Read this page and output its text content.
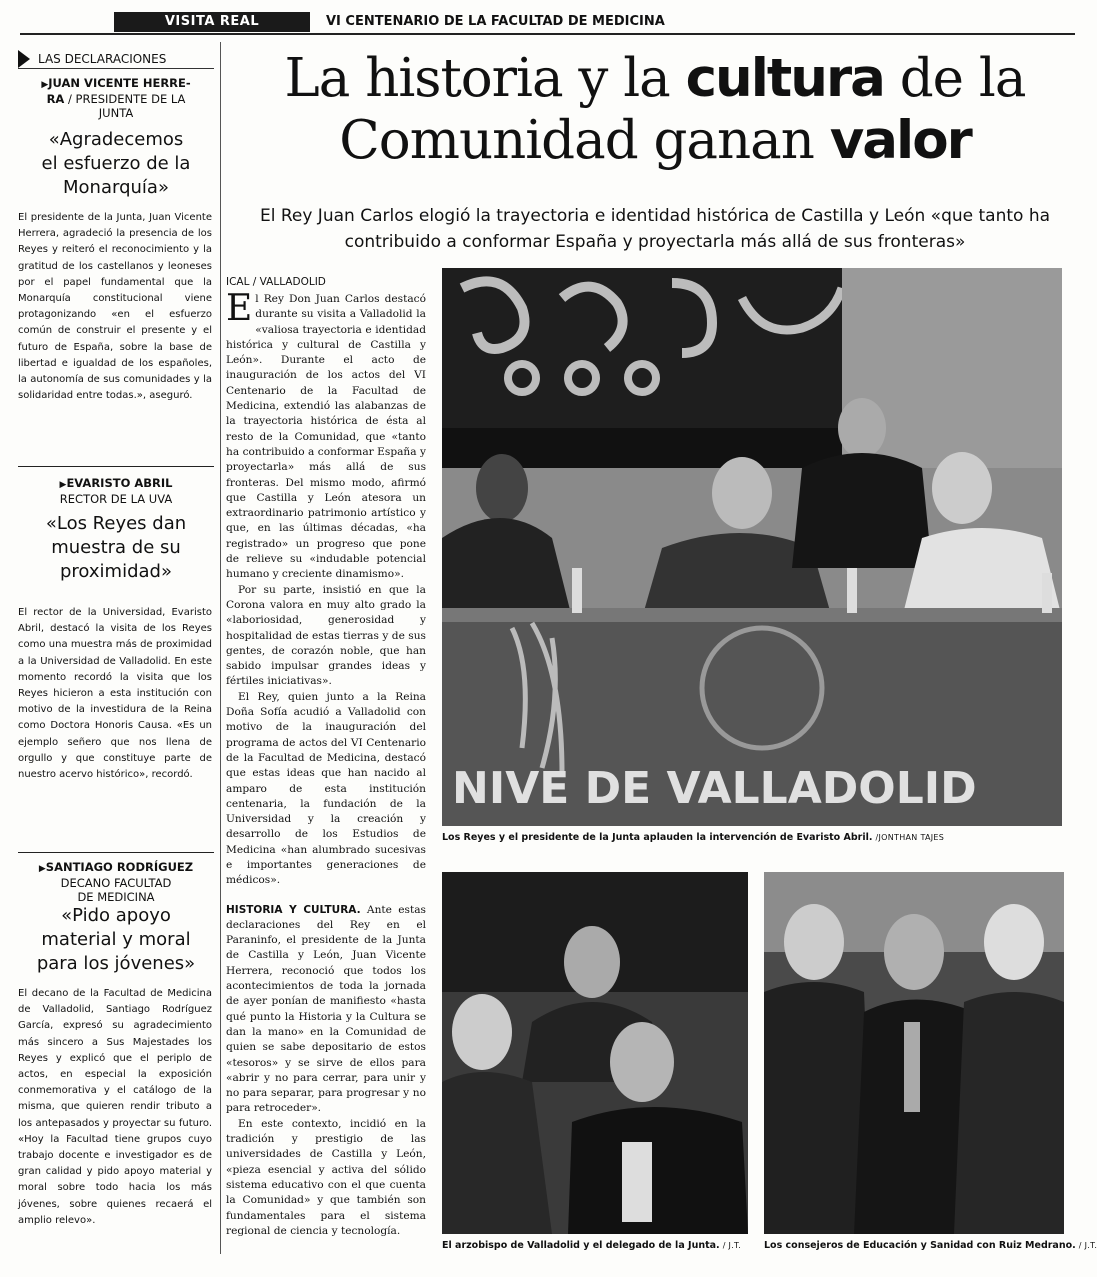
VISITA REAL	VI CENTENARIO DE LA FACULTAD DE MEDICINA
LAS DECLARACIONES
▶JUAN VICENTE HERRE-
RA / PRESIDENTE DE LA
JUNTA
«Agradecemos
el esfuerzo de la
Monarquía»
El presidente de la Junta, Juan Vicente Herrera, agradeció la presencia de los Reyes y reiteró el reconocimiento y la gratitud de los castellanos y leoneses por el papel fundamental que la Monarquía constitucional viene protagonizando «en el esfuerzo común de construir el presente y el futuro de España, sobre la base de libertad e igualdad de los españoles, la autonomía de sus comunidades y la solidaridad entre todas.», aseguró.
▶EVARISTO ABRIL
RECTOR DE LA UVA
«Los Reyes dan
muestra de su
proximidad»
El rector de la Universidad, Evaristo Abril, destacó la visita de los Reyes como una muestra más de proximidad a la Universidad de Valladolid. En este momento recordó la visita que los Reyes hicieron a esta institución con motivo de la investidura de la Reina como Doctora Honoris Causa. «Es un ejemplo señero que nos llena de orgullo y que constituye parte de nuestro acervo histórico», recordó.
▶SANTIAGO RODRÍGUEZ
DECANO FACULTAD
DE MEDICINA
«Pido apoyo
material y moral
para los jóvenes»
El decano de la Facultad de Medicina de Valladolid, Santiago Rodríguez García, expresó su agradecimiento más sincero a Sus Majestades los Reyes y explicó que el periplo de actos, en especial la exposición conmemorativa y el catálogo de la misma, que quieren rendir tributo a los antepasados y proyectar su futuro. «Hoy la Facultad tiene grupos cuyo trabajo docente e investigador es de gran calidad y pido apoyo material y moral sobre todo hacia los más jóvenes, sobre quienes recaerá el amplio relevo».
La historia y la cultura de la
Comunidad ganan valor
El Rey Juan Carlos elogió la trayectoria e identidad histórica de Castilla y León «que tanto ha contribuido a conformar España y proyectarla más allá de sus fronteras»
ICAL / VALLADOLID

El Rey Don Juan Carlos destacó durante su visita a Valladolid la «valiosa trayectoria e identidad histórica y cultural de Castilla y León». Durante el acto de inauguración de los actos del VI Centenario de la Facultad de Medicina, extendió las alabanzas de la trayectoria histórica de ésta al resto de la Comunidad, que «tanto ha contribuido a conformar España y proyectarla» más allá de sus fronteras. Del mismo modo, afirmó que Castilla y León atesora un extraordinario patrimonio artístico y que, en las últimas décadas, «ha registrado» un progreso que pone de relieve su «indudable potencial humano y creciente dinamismo».

Por su parte, insistió en que la Corona valora en muy alto grado la «laboriosidad, generosidad y hospitalidad de estas tierras y de sus gentes, de corazón noble, que han sabido impulsar grandes ideas y fértiles iniciativas».

El Rey, quien junto a la Reina Doña Sofía acudió a Valladolid con motivo de la inauguración del programa de actos del VI Centenario de la Facultad de Medicina, destacó que estas ideas que han nacido al amparo de esta institución centenaria, la fundación de la Universidad y la creación y desarrollo de los Estudios de Medicina «han alumbrado sucesivas e importantes generaciones de médicos».

HISTORIA Y CULTURA. Ante estas declaraciones del Rey en el Paraninfo, el presidente de la Junta de Castilla y León, Juan Vicente Herrera, reconoció que todos los acontecimientos de toda la jornada de ayer ponían de manifiesto «hasta qué punto la Historia y la Cultura se dan la mano» en la Comunidad de quien se sabe depositario de estos «tesoros» y se sirve de ellos para «abrir y no para cerrar, para unir y no para separar, para progresar y no para retroceder».

En este contexto, incidió en la tradición y prestigio de las universidades de Castilla y León, «pieza esencial y activa del sólido sistema educativo con el que cuenta la Comunidad» y que también son fundamentales para el sistema regional de ciencia y tecnología.

NIVE DE VALLADOLID
Los Reyes y el presidente de la Junta aplauden la intervención de Evaristo Abril. /JONTHAN TAJES
El arzobispo de Valladolid y el delegado de la Junta. / J.T. Los consejeros de Educación y Sanidad con Ruiz Medrano. / J.T.
